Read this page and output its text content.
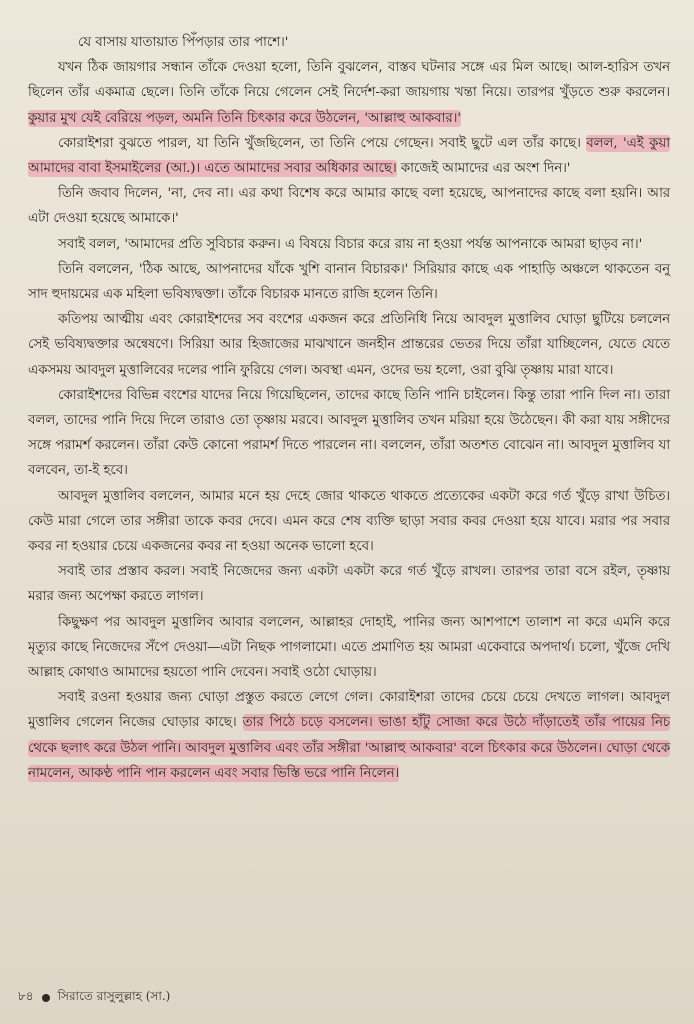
যে বাসায় যাতায়াত পিঁপড়ার তার পাশে।'

যখন ঠিক জায়গার সন্ধান তাঁকে দেওয়া হলো, তিনি বুঝলেন, বাস্তব ঘটনার সঙ্গে এর মিল আছে। আল-হারিস তখন ছিলেন তাঁর একমাত্র ছেলে। তিনি তাঁকে নিয়ে গেলেন সেই নির্দেশ-করা জায়গায় খন্তা নিয়ে। তারপর খুঁড়তে শুরু করলেন। কুয়ার মুখ যেই বেরিয়ে পড়ল, অমনি তিনি চিৎকার করে উঠলেন, 'আল্লাহু আকবার।'

কোরাইশরা বুঝতে পারল, যা তিনি খুঁজছিলেন, তা তিনি পেয়ে গেছেন। সবাই ছুটে এল তাঁর কাছে। বলল, 'এই কুয়া আমাদের বাবা ইসমাইলের (আ.)। এতে আমাদের সবার অধিকার আছে। কাজেই আমাদের এর অংশ দিন।'

তিনি জবাব দিলেন, 'না, দেব না। এর কথা বিশেষ করে আমার কাছে বলা হয়েছে, আপনাদের কাছে বলা হয়নি। আর এটা দেওয়া হয়েছে আমাকে।'

সবাই বলল, 'আমাদের প্রতি সুবিচার করুন। এ বিষয়ে বিচার করে রায় না হওয়া পর্যন্ত আপনাকে আমরা ছাড়ব না।'

তিনি বললেন, 'ঠিক আছে, আপনাদের যাঁকে খুশি বানান বিচারক।' সিরিয়ার কাছে এক পাহাড়ি অঞ্চলে থাকতেন বনু সাদ হুদায়মের এক মহিলা ভবিষ্যদ্বক্তা। তাঁকে বিচারক মানতে রাজি হলেন তিনি।

কতিপয় আত্মীয় এবং কোরাইশদের সব বংশের একজন করে প্রতিনিধি নিয়ে আবদুল মুত্তালিব ঘোড়া ছুটিয়ে চললেন সেই ভবিষ্যদ্বক্তার অন্বেষণে। সিরিয়া আর হিজাজের মাঝখানে জনহীন প্রান্তরের ভেতর দিয়ে তাঁরা যাচ্ছিলেন, যেতে যেতে একসময় আবদুল মুত্তালিবের দলের পানি ফুরিয়ে গেল। অবস্থা এমন, ওদের ভয় হলো, ওরা বুঝি তৃষ্ণায় মারা যাবে।

কোরাইশদের বিভিন্ন বংশের যাদের নিয়ে গিয়েছিলেন, তাদের কাছে তিনি পানি চাইলেন। কিন্তু তারা পানি দিল না। তারা বলল, তাদের পানি দিয়ে দিলে তারাও তো তৃষ্ণায় মরবে। আবদুল মুত্তালিব তখন মরিয়া হয়ে উঠেছেন। কী করা যায় সঙ্গীদের সঙ্গে পরামর্শ করলেন। তাঁরা কেউ কোনো পরামর্শ দিতে পারলেন না। বললেন, তাঁরা অতশত বোঝেন না। আবদুল মুত্তালিব যা বলবেন, তা-ই হবে।

আবদুল মুত্তালিব বললেন, আমার মনে হয় দেহে জোর থাকতে থাকতে প্রত্যেকের একটা করে গর্ত খুঁড়ে রাখা উচিত। কেউ মারা গেলে তার সঙ্গীরা তাকে কবর দেবে। এমন করে শেষ ব্যক্তি ছাড়া সবার কবর দেওয়া হয়ে যাবে। মরার পর সবার কবর না হওয়ার চেয়ে একজনের কবর না হওয়া অনেক ভালো হবে।

সবাই তার প্রস্তাব করল। সবাই নিজেদের জন্য একটা একটা করে গর্ত খুঁড়ে রাখল। তারপর তারা বসে রইল, তৃষ্ণায় মরার জন্য অপেক্ষা করতে লাগল।

কিছুক্ষণ পর আবদুল মুত্তালিব আবার বললেন, আল্লাহর দোহাই, পানির জন্য আশপাশে তালাশ না করে এমনি করে মৃত্যুর কাছে নিজেদের সঁপে দেওয়া—এটা নিছক পাগলামো। এতে প্রমাণিত হয় আমরা একেবারে অপদার্থ। চলো, খুঁজে দেখি আল্লাহ কোথাও আমাদের হয়তো পানি দেবেন। সবাই ওঠো ঘোড়ায়।

সবাই রওনা হওয়ার জন্য ঘোড়া প্রস্তুত করতে লেগে গেল। কোরাইশরা তাদের চেয়ে চেয়ে দেখতে লাগল। আবদুল মুত্তালিব গেলেন নিজের ঘোড়ার কাছে। তার পিঠে চড়ে বসলেন। ভাঙা হাঁটু সোজা করে উঠে দাঁড়াতেই তাঁর পায়ের নিচ থেকে ছলাৎ করে উঠল পানি। আবদুল মুত্তালিব এবং তাঁর সঙ্গীরা 'আল্লাহু আকবার' বলে চিৎকার করে উঠলেন। ঘোড়া থেকে নামলেন, আকণ্ঠ পানি পান করলেন এবং সবার ভিস্তি ভরে পানি নিলেন।

৮৪ সিরাতে রাসুলুল্লাহ (সা.)
